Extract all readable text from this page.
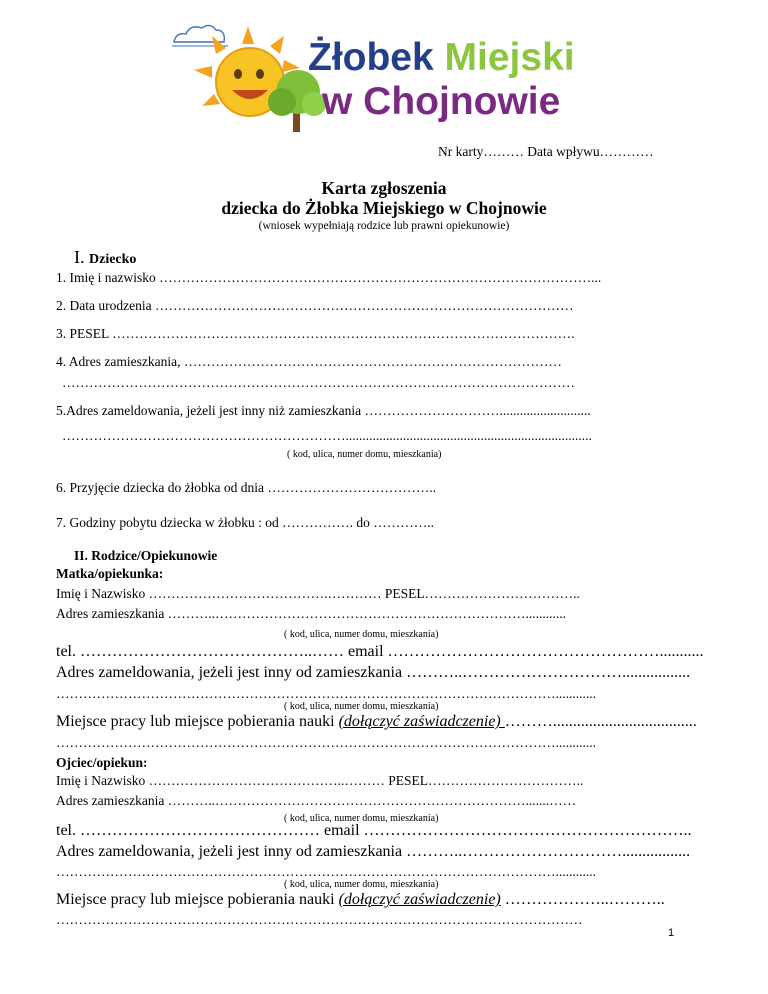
Żłobek Miejski
w Chojnowie
Nr karty……… Data wpływu…………
Karta zgłoszenia
dziecka do Żłobka Miejskiego w Chojnowie
(wniosek wypełniają rodzice lub prawni opiekunowie)
I. Dziecko
1. Imię i nazwisko ……………………………………………………………………………………...
2. Data urodzenia …………………………………………………………………………………
3. PESEL ………………………………………………………………………………………….
4. Adres zamieszkania, …………………………………………………………………………
……………………………………………………………………………………………………
5.Adres zameldowania, jeżeli jest inny niż zamieszkania …………………………...........................
……………………………………………………….........................................................................
( kod, ulica, numer domu, mieszkania)
6. Przyjęcie dziecka do żłobka od dnia ………………………………..
7. Godziny pobytu dziecka w żłobku : od ……………. do …………..
II. Rodzice/Opiekunowie
Matka/opiekunka:
Imię i Nazwisko ………………………………….………… PESEL……………………………..
Adres zamieszkania ………..……………………………………………………………............
( kod, ulica, numer domu, mieszkania)
tel. ……………………………………..…… email ……………………………………………...........
Adres zameldowania, jeżeli jest inny od zamieszkania ………..………………………….................
…………………………………………………………………………………………………............
( kod, ulica, numer domu, mieszkania)
Miejsce pracy lub miejsce pobierania nauki (dołączyć zaświadczenie) ………....................................
…………………………………………………………………………………………………............
Ojciec/opiekun:
Imię i Nazwisko ……………………………………..……… PESEL……………………………..
Adres zamieszkania ………..…………………………………………………………….......……
( kod, ulica, numer domu, mieszkania)
tel. ……………………………………… email ……………………………………………………..
Adres zameldowania, jeżeli jest inny od zamieszkania ………..………………………….................
…………………………………………………………………………………………………............
( kod, ulica, numer domu, mieszkania)
Miejsce pracy lub miejsce pobierania nauki (dołączyć zaświadczenie) ………………..………..
………………………………………………………………………………………………………
1
